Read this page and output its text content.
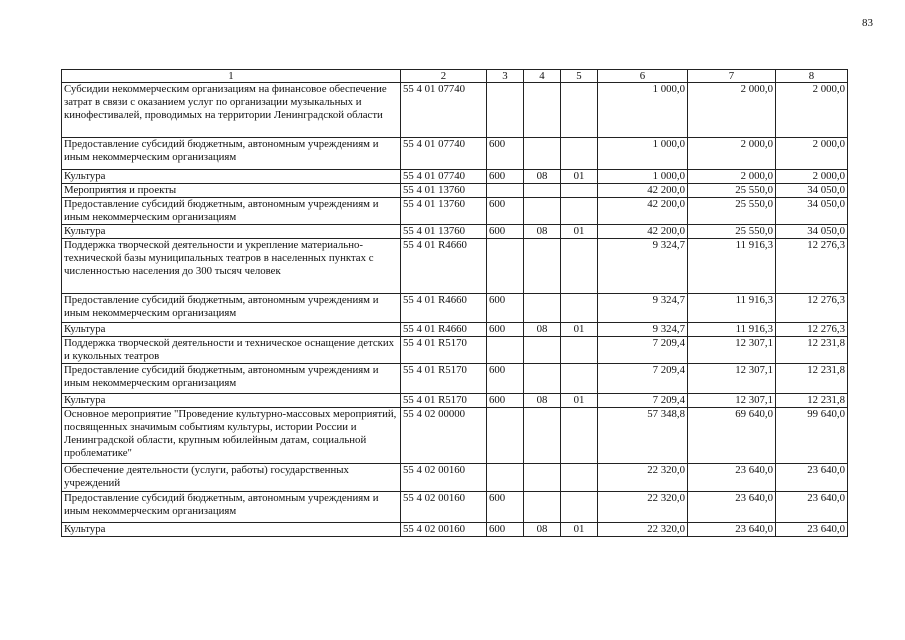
83
1	2	3	4	5	6	7	8
Субсидии некоммерческим организациям на финансовое обеспечение затрат в связи с оказанием услуг по организации музыкальных и кинофестивалей, проводимых на территории Ленинградской области	55 4 01 07740				1 000,0	2 000,0	2 000,0
Предоставление субсидий бюджетным, автономным учреждениям и иным некоммерческим организациям	55 4 01 07740	600			1 000,0	2 000,0	2 000,0
Культура	55 4 01 07740	600	08	01	1 000,0	2 000,0	2 000,0
Мероприятия и проекты	55 4 01 13760				42 200,0	25 550,0	34 050,0
Предоставление субсидий бюджетным, автономным учреждениям и иным некоммерческим организациям	55 4 01 13760	600			42 200,0	25 550,0	34 050,0
Культура	55 4 01 13760	600	08	01	42 200,0	25 550,0	34 050,0
Поддержка творческой деятельности и укрепление материально-технической базы муниципальных театров в населенных пунктах с численностью населения до 300 тысяч человек	55 4 01 R4660				9 324,7	11 916,3	12 276,3
Предоставление субсидий бюджетным, автономным учреждениям и иным некоммерческим организациям	55 4 01 R4660	600			9 324,7	11 916,3	12 276,3
Культура	55 4 01 R4660	600	08	01	9 324,7	11 916,3	12 276,3
Поддержка творческой деятельности и техническое оснащение детских и кукольных театров	55 4 01 R5170				7 209,4	12 307,1	12 231,8
Предоставление субсидий бюджетным, автономным учреждениям и иным некоммерческим организациям	55 4 01 R5170	600			7 209,4	12 307,1	12 231,8
Культура	55 4 01 R5170	600	08	01	7 209,4	12 307,1	12 231,8
Основное мероприятие "Проведение культурно-массовых мероприятий, посвященных значимым событиям культуры, истории России и Ленинградской области, крупным юбилейным датам, социальной проблематике"	55 4 02 00000				57 348,8	69 640,0	99 640,0
Обеспечение деятельности (услуги, работы) государственных учреждений	55 4 02 00160				22 320,0	23 640,0	23 640,0
Предоставление субсидий бюджетным, автономным учреждениям и иным некоммерческим организациям	55 4 02 00160	600			22 320,0	23 640,0	23 640,0
Культура	55 4 02 00160	600	08	01	22 320,0	23 640,0	23 640,0
